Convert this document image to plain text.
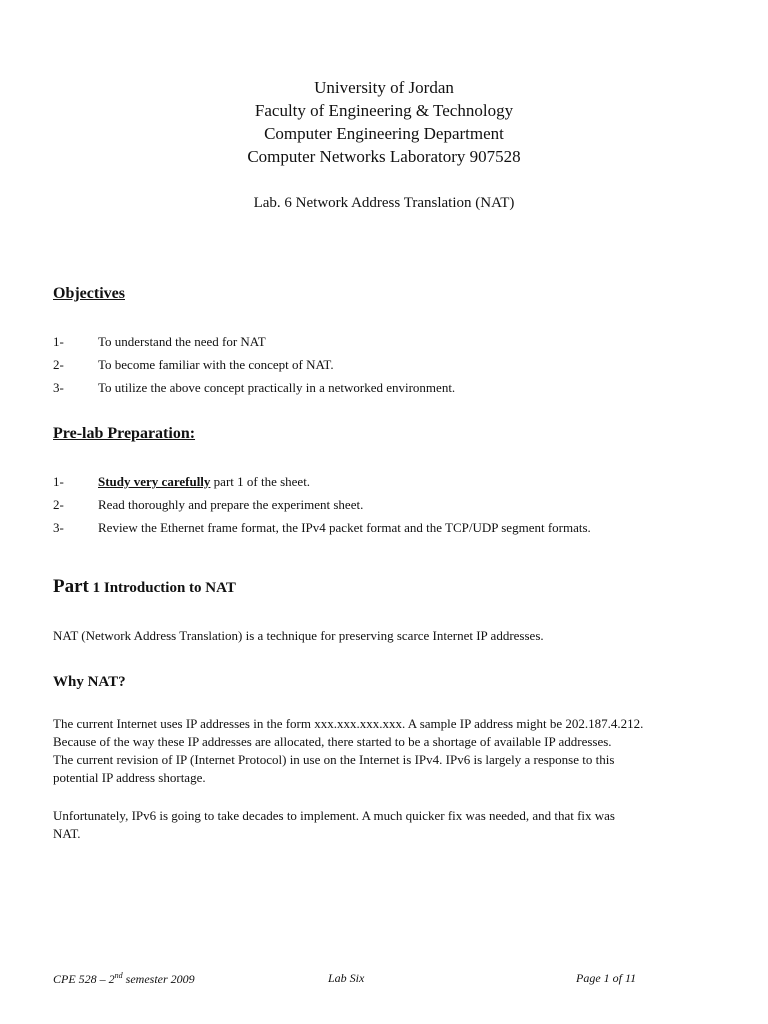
University of Jordan
Faculty of Engineering & Technology
Computer Engineering Department
Computer Networks Laboratory 907528
Lab. 6 Network Address Translation (NAT)
Objectives
1-	To understand the need for NAT
2-	To become familiar with the concept of NAT.
3-	To utilize the above concept practically in a networked environment.
Pre-lab Preparation:
1-	Study very carefully part 1 of the sheet.
2-	Read thoroughly and prepare the experiment sheet.
3-	Review the Ethernet frame format, the IPv4 packet format and the TCP/UDP segment formats.
Part 1 Introduction to NAT
NAT (Network Address Translation) is a technique for preserving scarce Internet IP addresses.
Why NAT?
The current Internet uses IP addresses in the form xxx.xxx.xxx.xxx. A sample IP address might be 202.187.4.212.
Because of the way these IP addresses are allocated, there started to be a shortage of available IP addresses.
The current revision of IP (Internet Protocol) in use on the Internet is IPv4. IPv6 is largely a response to this
potential IP address shortage.
Unfortunately, IPv6 is going to take decades to implement. A much quicker fix was needed, and that fix was
NAT.
CPE 528 – 2nd semester 2009	Lab Six	Page 1 of 11
